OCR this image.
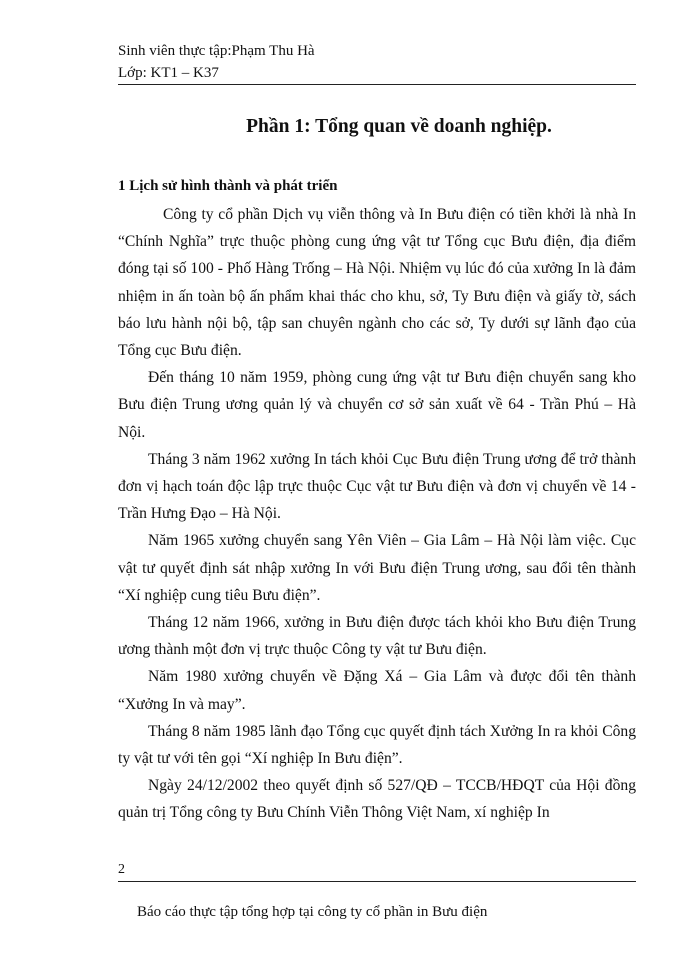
Sinh viên thực tập:Phạm Thu Hà
Lớp: KT1 – K37
Phần 1: Tổng quan về doanh nghiệp.
1 Lịch sử hình thành và phát triển

Công ty cổ phần Dịch vụ viễn thông và In Bưu điện có tiền khởi là nhà In “Chính Nghĩa” trực thuộc phòng cung ứng vật tư Tổng cục Bưu điện, địa điểm đóng tại số 100 - Phố Hàng Trống – Hà Nội. Nhiệm vụ lúc đó của xưởng In là đảm nhiệm in ấn toàn bộ ấn phẩm khai thác cho khu, sở, Ty Bưu điện và giấy tờ, sách báo lưu hành nội bộ, tập san chuyên ngành cho các sở, Ty dưới sự lãnh đạo của Tổng cục Bưu điện.

Đến tháng 10 năm 1959, phòng cung ứng vật tư Bưu điện chuyển sang kho Bưu điện Trung ương quản lý và chuyển cơ sở sản xuất về 64 - Trần Phú – Hà Nội.

Tháng 3 năm 1962 xưởng In tách khỏi Cục Bưu điện Trung ương để trở thành đơn vị hạch toán độc lập trực thuộc Cục vật tư Bưu điện và đơn vị chuyển về 14 - Trần Hưng Đạo – Hà Nội.

Năm 1965 xưởng chuyển sang Yên Viên – Gia Lâm – Hà Nội làm việc. Cục vật tư quyết định sát nhập xưởng In với Bưu điện Trung ương, sau đổi tên thành “Xí nghiệp cung tiêu Bưu điện”.

Tháng 12 năm 1966, xưởng in Bưu điện được tách khỏi kho Bưu điện Trung ương thành một đơn vị trực thuộc Công ty vật tư Bưu điện.

Năm 1980 xưởng chuyển về Đặng Xá – Gia Lâm và được đổi tên thành “Xưởng In và may”.

Tháng 8 năm 1985 lãnh đạo Tổng cục quyết định tách Xưởng In ra khỏi Công ty vật tư với tên gọi “Xí nghiệp In Bưu điện”.

Ngày 24/12/2002 theo quyết định số 527/QĐ – TCCB/HĐQT của Hội đồng quản trị Tổng công ty Bưu Chính Viễn Thông Việt Nam, xí nghiệp In

2
Báo cáo thực tập tổng hợp tại công ty cổ phần in Bưu điện
